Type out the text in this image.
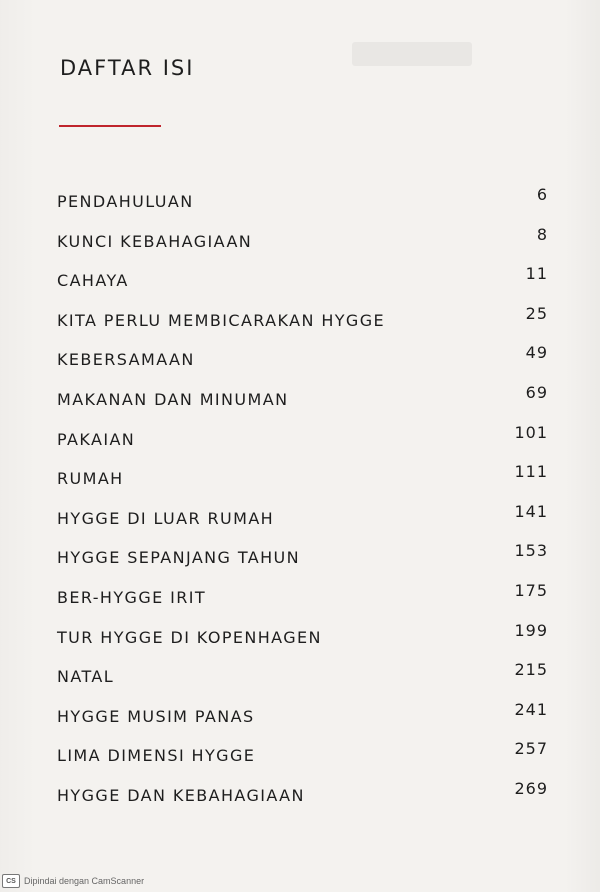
DAFTAR ISI
PENDAHULUAN	6
KUNCI KEBAHAGIAAN	8
CAHAYA	11
KITA PERLU MEMBICARAKAN HYGGE	25
KEBERSAMAAN	49
MAKANAN DAN MINUMAN	69
PAKAIAN	101
RUMAH	111
HYGGE DI LUAR RUMAH	141
HYGGE SEPANJANG TAHUN	153
BER-HYGGE IRIT	175
TUR HYGGE DI KOPENHAGEN	199
NATAL	215
HYGGE MUSIM PANAS	241
LIMA DIMENSI HYGGE	257
HYGGE DAN KEBAHAGIAAN	269
CS Dipindai dengan CamScanner
